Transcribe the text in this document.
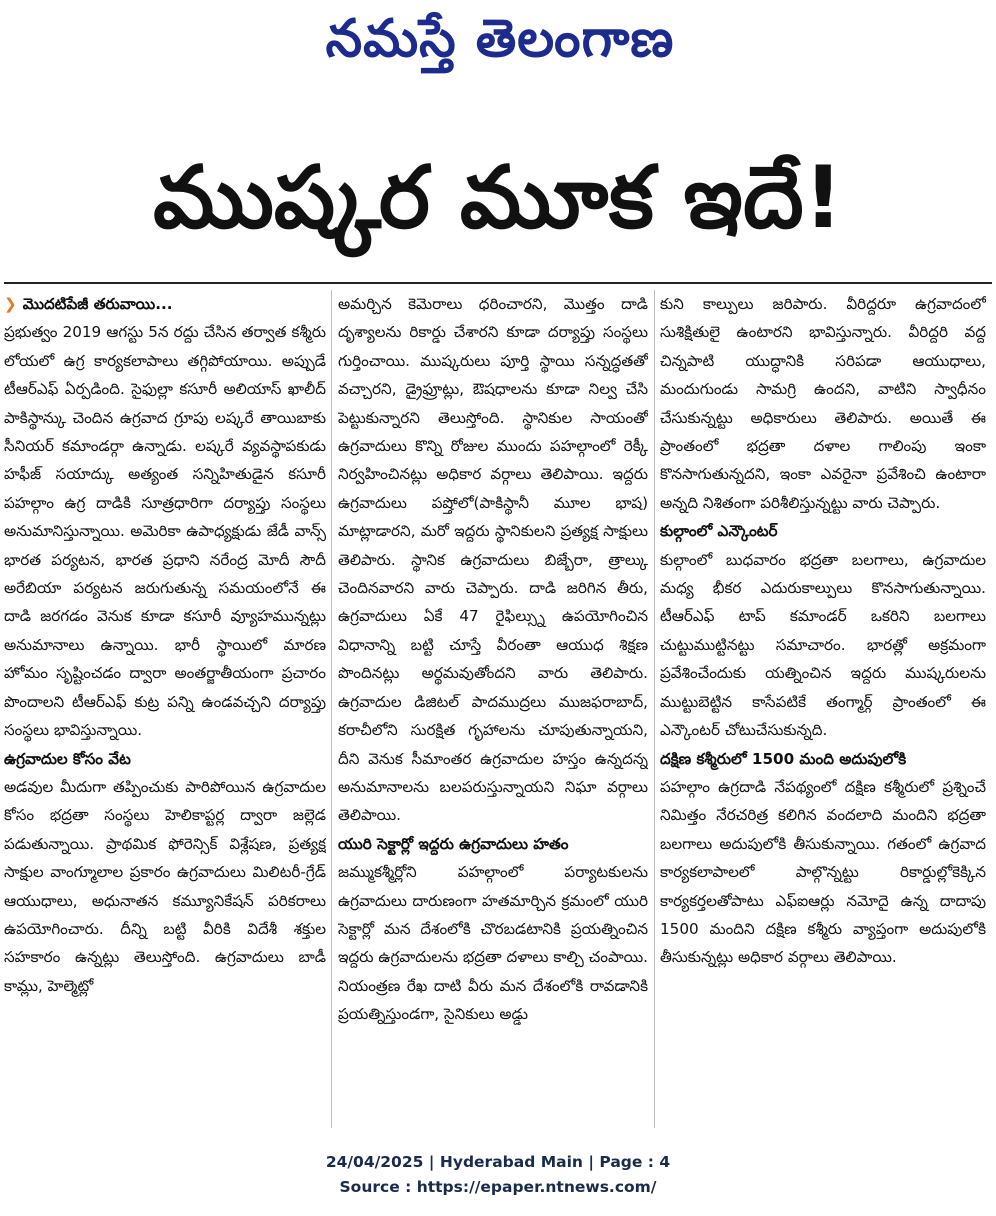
నమస్తే తెలంగాణ
ముష్కర మూక ఇదే!

❯ మొదటిపేజీ తరువాయి...

ప్రభుత్వం 2019 ఆగస్టు 5న రద్దు చేసిన తర్వాత కశ్మీరు లోయలో ఉగ్ర కార్యకలాపాలు తగ్గిపోయాయి. అప్పుడే టీఆర్ఎఫ్ ఏర్పడింది. సైఫుల్లా కసూరీ అలియాస్ ఖాలీద్ పాకిస్థాన్కు చెందిన ఉగ్రవాద గ్రూపు లష్కరే తాయిబాకు సీనియర్ కమాండర్గా ఉన్నాడు. లష్కరే వ్యవస్థాపకుడు హఫీజ్ సయాద్కు అత్యంత సన్నిహితుడైన కసూరీ పహల్గాం ఉగ్ర దాడికి సూత్రధారిగా దర్యాప్తు సంస్థలు అనుమానిస్తున్నాయి. అమెరికా ఉపాధ్యక్షుడు జేడీ వాన్స్ భారత పర్యటన, భారత ప్రధాని నరేంద్ర మోదీ సౌదీ అరేబియా పర్యటన జరుగుతున్న సమయంలోనే ఈ దాడి జరగడం వెనుక కూడా కసూరీ వ్యూహమున్నట్లు అనుమానాలు ఉన్నాయి. భారీ స్థాయిలో మారణ హోమం సృష్టించడం ద్వారా అంతర్జాతీయంగా ప్రచారం పొందాలని టీఆర్ఎఫ్ కుట్ర పన్ని ఉండవచ్చని దర్యాప్తు సంస్థలు భావిస్తున్నాయి.

ఉగ్రవాదుల కోసం వేట

అడవుల మీదుగా తప్పించుకు పారిపోయిన ఉగ్రవాదుల కోసం భద్రతా సంస్థలు హెలికాప్టర్ల ద్వారా జల్లెడ పడుతున్నాయి. ప్రాథమిక ఫోరెన్సిక్ విశ్లేషణ, ప్రత్యక్ష సాక్షుల వాంగ్మూలాల ప్రకారం ఉగ్రవాదులు మిలిటరీ-గ్రేడ్ ఆయుధాలు, అధునాతన కమ్యూనికేషన్ పరికరాలు ఉపయోగించారు. దీన్ని బట్టి వీరికి విదేశీ శక్తుల సహకారం ఉన్నట్లు తెలుస్తోంది. ఉగ్రవాదులు బాడీ కామ్లు, హెల్మెట్లో

అమర్చిన కెమెరాలు ధరించారని, మొత్తం దాడి దృశ్యాలను రికార్డు చేశారని కూడా దర్యాప్తు సంస్థలు గుర్తించాయి. ముష్కరులు పూర్తి స్థాయి సన్నద్ధతతో వచ్చారని, డ్రైఫ్రూట్లు, ఔషధాలను కూడా నిల్వ చేసి పెట్టుకున్నారని తెలుస్తోంది. స్థానికుల సాయంతో ఉగ్రవాదులు కొన్ని రోజుల ముందు పహల్గాంలో రెక్కీ నిర్వహించినట్లు అధికార వర్గాలు తెలిపాయి. ఇద్దరు ఉగ్రవాదులు పష్తోలో(పాకిస్థానీ మూల భాష) మాట్లాడారని, మరో ఇద్దరు స్థానికులని ప్రత్యక్ష సాక్షులు తెలిపారు. స్థానిక ఉగ్రవాదులు బిజ్బేరా, త్రాల్కు చెందినవారని వారు చెప్పారు. దాడి జరిగిన తీరు, ఉగ్రవాదులు ఏకే 47 రైఫిల్స్ను ఉపయోగించిన విధానాన్ని బట్టి చూస్తే వీరంతా ఆయుధ శిక్షణ పొందినట్లు అర్థమవుతోందని వారు తెలిపారు. ఉగ్రవాదుల డిజిటల్ పాదముద్రలు ముజఫరాబాద్, కరాచీలోని సురక్షిత గృహాలను చూపుతున్నాయని, దీని వెనుక సీమాంతర ఉగ్రవాదుల హస్తం ఉన్నదన్న అనుమానాలను బలపరుస్తున్నాయని నిఘా వర్గాలు తెలిపాయి.

యురి సెక్టార్లో ఇద్దరు ఉగ్రవాదులు హతం

జమ్ముకశ్మీర్లోని పహల్గాంలో పర్యాటకులను ఉగ్రవాదులు దారుణంగా హతమార్చిన క్రమంలో యురి సెక్టార్లో మన దేశంలోకి చొరబడటానికి ప్రయత్నించిన ఇద్దరు ఉగ్రవాదులను భద్రతా దళాలు కాల్చి చంపాయి. నియంత్రణ రేఖ దాటి వీరు మన దేశంలోకి రావడానికి ప్రయత్నిస్తుండగా, సైనికులు అడ్డు

కుని కాల్పులు జరిపారు. వీరిద్దరూ ఉగ్రవాదంలో సుశిక్షితులై ఉంటారని భావిస్తున్నారు. వీరిద్దరి వద్ద చిన్నపాటి యుద్ధానికి సరిపడా ఆయుధాలు, మందుగుండు సామగ్రి ఉందని, వాటిని స్వాధీనం చేసుకున్నట్టు అధికారులు తెలిపారు. అయితే ఈ ప్రాంతంలో భద్రతా దళాల గాలింపు ఇంకా కొనసాగుతున్నదని, ఇంకా ఎవరైనా ప్రవేశించి ఉంటారా అన్నది నిశితంగా పరిశీలిస్తున్నట్టు వారు చెప్పారు.

కుల్గాంలో ఎన్కౌంటర్

కుల్గాంలో బుధవారం భద్రతా బలగాలు, ఉగ్రవాదుల మధ్య భీకర ఎదురుకాల్పులు కొనసాగుతున్నాయి. టీఆర్ఎఫ్ టాప్ కమాండర్ ఒకరిని బలగాలు చుట్టుముట్టినట్టు సమాచారం. భారత్లో అక్రమంగా ప్రవేశించేందుకు యత్నించిన ఇద్దరు ముష్కరులను ముట్టుబెట్టిన కాసేపటికే తంగ్మార్గ్ ప్రాంతంలో ఈ ఎన్కౌంటర్ చోటుచేసుకున్నది.

దక్షిణ కశ్మీరులో 1500 మంది అదుపులోకి

పహల్గాం ఉగ్రదాడి నేపథ్యంలో దక్షిణ కశ్మీరులో ప్రశ్నించే నిమిత్తం నేరచరిత్ర కలిగిన వందలాది మందిని భద్రతా బలగాలు అదుపులోకి తీసుకున్నాయి. గతంలో ఉగ్రవాద కార్యకలాపాలలో పాల్గొన్నట్టు రికార్డుల్లోకెక్కిన కార్యకర్తలతోపాటు ఎఫ్ఐఆర్లు నమోదై ఉన్న దాదాపు 1500 మందిని దక్షిణ కశ్మీరు వ్యాప్తంగా అదుపులోకి తీసుకున్నట్లు అధికార వర్గాలు తెలిపాయి.

24/04/2025 | Hyderabad Main | Page : 4
Source : https://epaper.ntnews.com/
